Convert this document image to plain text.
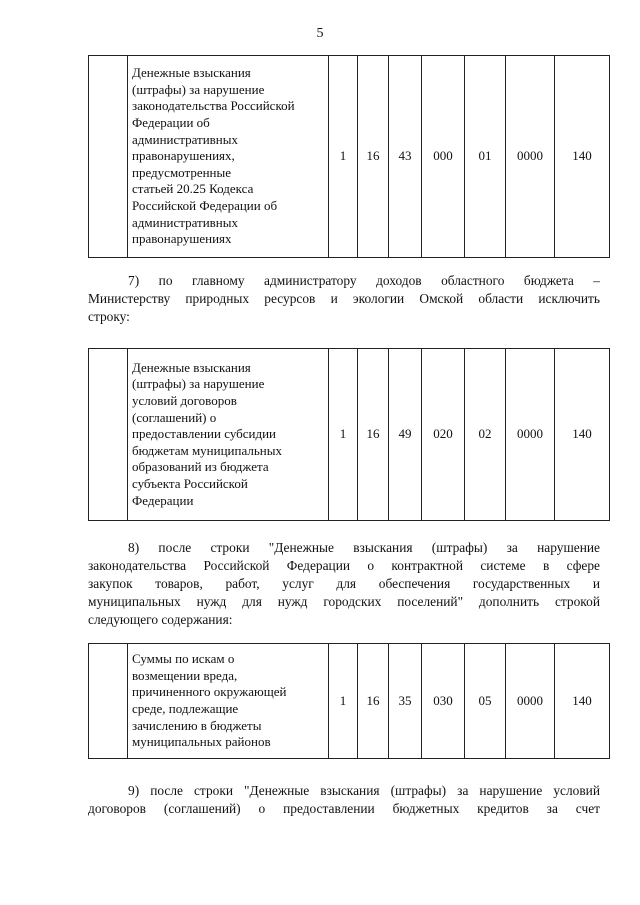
5

Денежные взыскания
(штрафы) за нарушение
законодательства Российской
Федерации об
административных
правонарушениях,
предусмотренные
статьей 20.25 Кодекса
Российской Федерации об
административных
правонарушениях
	1	16	43	000	01	0000	140
7) по главному администратору доходов областного бюджета –
Министерству природных ресурсов и экологии Омской области исключить
строку:

Денежные взыскания
(штрафы) за нарушение
условий договоров
(соглашений) о
предоставлении субсидии
бюджетам муниципальных
образований из бюджета
субъекта Российской
Федерации
	1	16	49	020	02	0000	140
8) после строки "Денежные взыскания (штрафы) за нарушение
законодательства Российской Федерации о контрактной системе в сфере
закупок товаров, работ, услуг для обеспечения государственных и
муниципальных нужд для нужд городских поселений" дополнить строкой
следующего содержания:

Суммы по искам о
возмещении вреда,
причиненного окружающей
среде, подлежащие
зачислению в бюджеты
муниципальных районов
	1	16	35	030	05	0000	140
9) после строки "Денежные взыскания (штрафы) за нарушение условий
договоров (соглашений) о предоставлении бюджетных кредитов за счет
